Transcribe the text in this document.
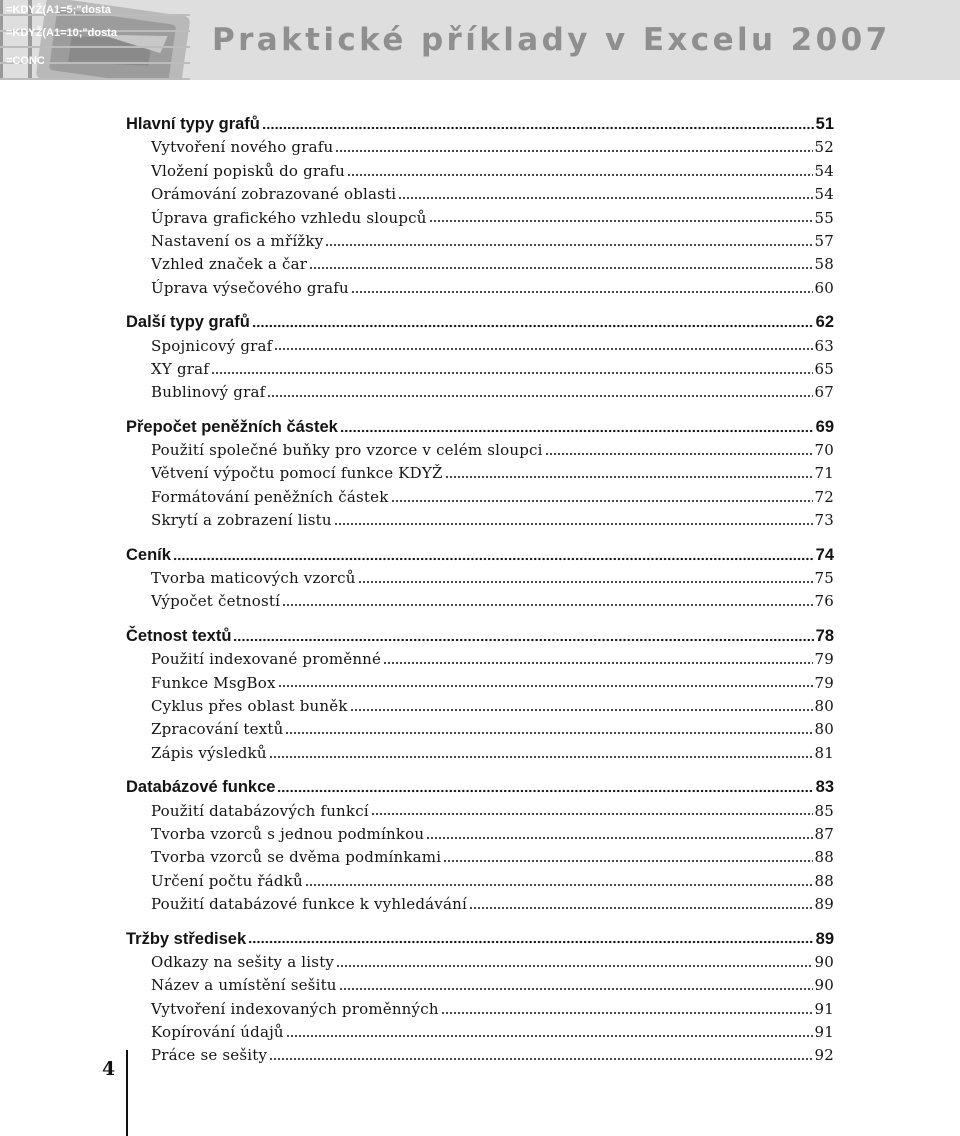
=KDYŽ(A1=5;"dosta
=KDYŽ(A1=10;"dosta
=CONC
Praktické příklady v Excelu 2007
Hlavní typy grafů	51
Vytvoření nového grafu	52
Vložení popisků do grafu	54
Orámování zobrazované oblasti	54
Úprava grafického vzhledu sloupců	55
Nastavení os a mřížky	57
Vzhled značek a čar	58
Úprava výsečového grafu	60
Další typy grafů	62
Spojnicový graf	63
XY graf	65
Bublinový graf	67
Přepočet peněžních částek	69
Použití společné buňky pro vzorce v celém sloupci	70
Větvení výpočtu pomocí funkce KDYŽ	71
Formátování peněžních částek	72
Skrytí a zobrazení listu	73
Ceník	74
Tvorba maticových vzorců	75
Výpočet četností	76
Četnost textů	78
Použití indexované proměnné	79
Funkce MsgBox	79
Cyklus přes oblast buněk	80
Zpracování textů	80
Zápis výsledků	81
Databázové funkce	83
Použití databázových funkcí	85
Tvorba vzorců s jednou podmínkou	87
Tvorba vzorců se dvěma podmínkami	88
Určení počtu řádků	88
Použití databázové funkce k vyhledávání	89
Tržby středisek	89
Odkazy na sešity a listy	90
Název a umístění sešitu	90
Vytvoření indexovaných proměnných	91
Kopírování údajů	91
Práce se sešity	92
4
